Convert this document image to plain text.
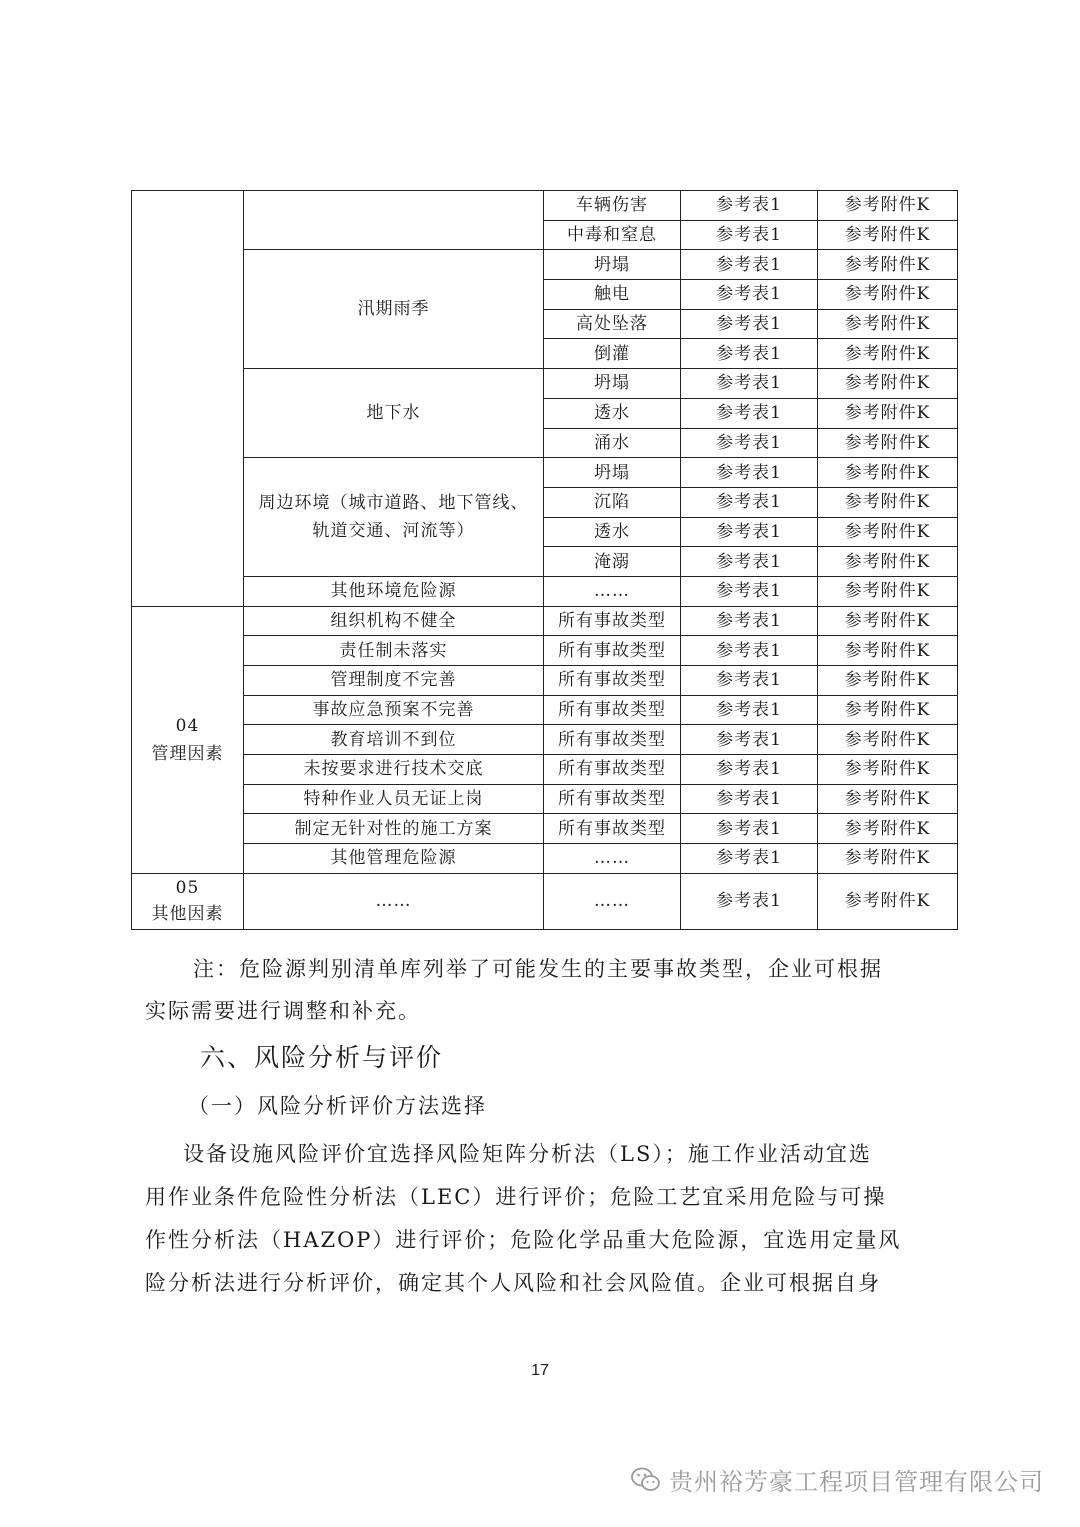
		车辆伤害	参考表1	参考附件K
		中毒和窒息	参考表1	参考附件K
	汛期雨季	坍塌	参考表1	参考附件K
		触电	参考表1	参考附件K
		高处坠落	参考表1	参考附件K
		倒灌	参考表1	参考附件K
	地下水	坍塌	参考表1	参考附件K
		透水	参考表1	参考附件K
		涌水	参考表1	参考附件K
	周边环境（城市道路、地下管线、
轨道交通、河流等）	坍塌	参考表1	参考附件K
		沉陷	参考表1	参考附件K
		透水	参考表1	参考附件K
		淹溺	参考表1	参考附件K
	其他环境危险源	……	参考表1	参考附件K
04
管理因素	组织机构不健全	所有事故类型	参考表1	参考附件K
	责任制未落实	所有事故类型	参考表1	参考附件K
	管理制度不完善	所有事故类型	参考表1	参考附件K
	事故应急预案不完善	所有事故类型	参考表1	参考附件K
	教育培训不到位	所有事故类型	参考表1	参考附件K
	未按要求进行技术交底	所有事故类型	参考表1	参考附件K
	特种作业人员无证上岗	所有事故类型	参考表1	参考附件K
	制定无针对性的施工方案	所有事故类型	参考表1	参考附件K
	其他管理危险源	……	参考表1	参考附件K
05
其他因素	……	……	参考表1	参考附件K
注：危险源判别清单库列举了可能发生的主要事故类型，企业可根据
实际需要进行调整和补充。
六、风险分析与评价
（一）风险分析评价方法选择
设备设施风险评价宜选择风险矩阵分析法（LS）；施工作业活动宜选
用作业条件危险性分析法（LEC）进行评价；危险工艺宜采用危险与可操
作性分析法（HAZOP）进行评价；危险化学品重大危险源，宜选用定量风
险分析法进行分析评价，确定其个人风险和社会风险值。企业可根据自身
17
贵州裕芳豪工程项目管理有限公司
